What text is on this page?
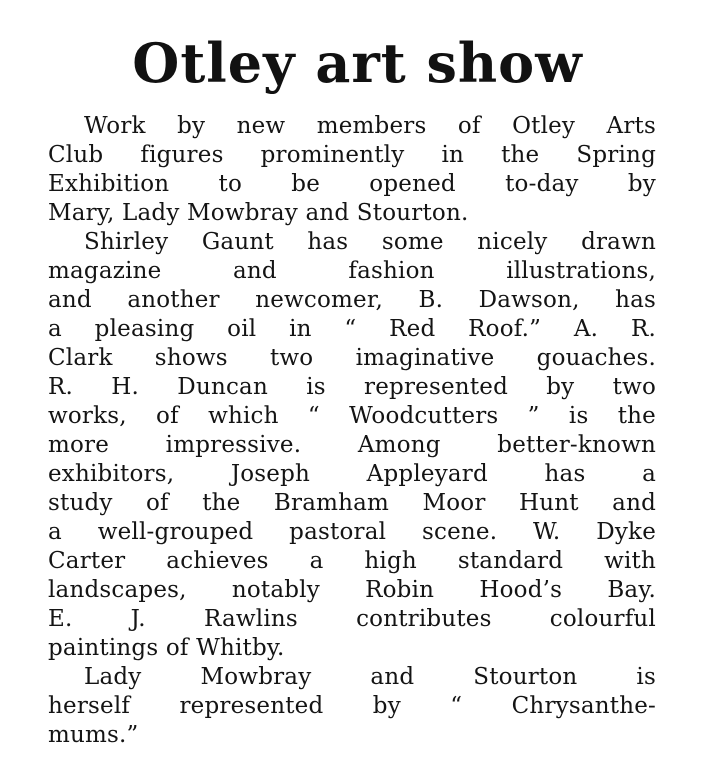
Otley art show

Work by new members of Otley Arts

Club figures prominently in the Spring

Exhibition to be opened to-day by

Mary, Lady Mowbray and Stourton.

Shirley Gaunt has some nicely drawn

magazine and fashion illustrations,

and another newcomer, B. Dawson, has

a pleasing oil in “ Red Roof.” A. R.

Clark shows two imaginative gouaches.

R. H. Duncan is represented by two

works, of which “ Woodcutters ” is the

more impressive. Among better-known

exhibitors, Joseph Appleyard has a

study of the Bramham Moor Hunt and

a well-grouped pastoral scene. W. Dyke

Carter achieves a high standard with

landscapes, notably Robin Hood’s Bay.

E. J. Rawlins contributes colourful

paintings of Whitby.

Lady Mowbray and Stourton is

herself represented by “ Chrysanthe-

mums.”
